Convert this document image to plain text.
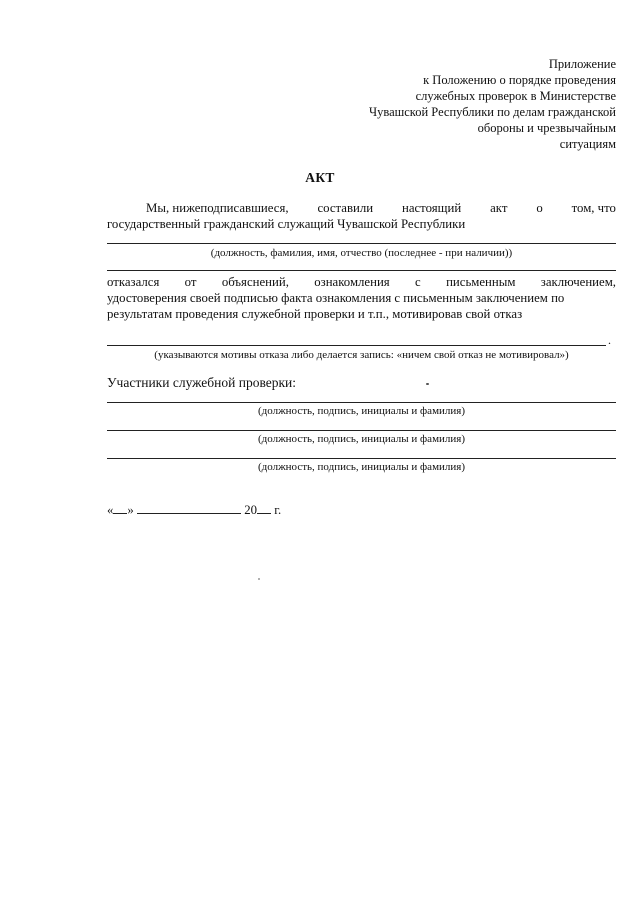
Приложение
к Положению о порядке проведения
служебных проверок в Министерстве
Чувашской Республики по делам гражданской
обороны и чрезвычайным
ситуациям
АКТ
Мы, нижеподписавшиеся, составили настоящий акт о том, что
государственный гражданский служащий Чувашской Республики
(должность, фамилия, имя, отчество (последнее - при наличии))
отказался от объяснений, ознакомления с письменным заключением,
удостоверения своей подписью факта ознакомления с письменным заключением по
результатам проведения служебной проверки и т.п., мотивировав свой отказ
.
(указываются мотивы отказа либо делается запись: «ничем свой отказ не мотивировал»)
Участники служебной проверки:
(должность, подпись, инициалы и фамилия)
(должность, подпись, инициалы и фамилия)
(должность, подпись, инициалы и фамилия)
« »	20 г.
